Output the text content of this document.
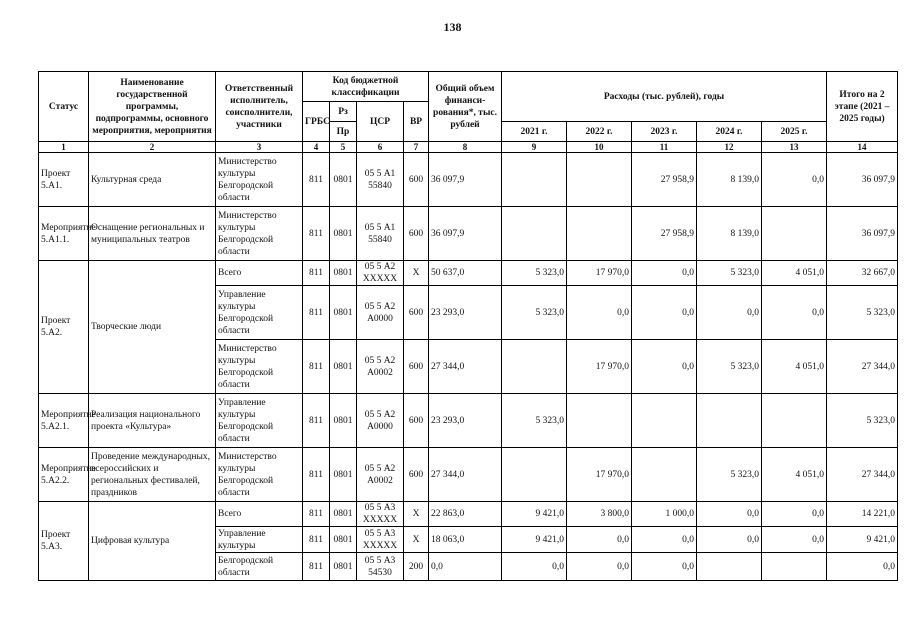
138
Статус	Наименование государственной программы, подпрограммы, основного мероприятия, мероприятия	Ответственный исполнитель, соисполнители, участники	Код бюджетной классификации				Общий объем финанси- рования*, тыс. рублей	Расходы (тыс. рублей), годы					Итого на 2 этапе (2021 – 2025 годы)
			ГРБС	Рз	ЦСР	ВР							
				Пр				2021 г.	2022 г.	2023 г.	2024 г.	2025 г.	
1	2	3	4	5	6	7	8	9	10	11	12	13	14
Проект 5.А1.	Культурная среда	Министерство культуры Белгородской области	811	0801	05 5 А1 55840	600	36 097,9			27 958,9	8 139,0	0,0	36 097,9
Мероприятие 5.А1.1.	Оснащение региональных и муниципальных театров	Министерство культуры Белгородской области	811	0801	05 5 А1 55840	600	36 097,9			27 958,9	8 139,0		36 097,9
Проект 5.А2.	Творческие люди	Всего	811	0801	05 5 А2 XXXXX	X	50 637,0	5 323,0	17 970,0	0,0	5 323,0	4 051,0	32 667,0
		Управление культуры Белгородской области	811	0801	05 5 А2 А0000	600	23 293,0	5 323,0	0,0	0,0	0,0	0,0	5 323,0
		Министерство культуры Белгородской области	811	0801	05 5 А2 А0002	600	27 344,0		17 970,0	0,0	5 323,0	4 051,0	27 344,0
Мероприятие 5.А2.1.	Реализация национального проекта «Культура»	Управление культуры Белгородской области	811	0801	05 5 А2 А0000	600	23 293,0	5 323,0					5 323,0
Мероприятие 5.А2.2.	Проведение международных, всероссийских и региональных фестивалей, праздников	Министерство культуры Белгородской области	811	0801	05 5 А2 А0002	600	27 344,0		17 970,0		5 323,0	4 051,0	27 344,0
Проект 5.А3.	Цифровая культура	Всего	811	0801	05 5 А3 XXXXX	X	22 863,0	9 421,0	3 800,0	1 000,0	0,0	0,0	14 221,0
		Управление культуры	811	0801	05 5 А3 XXXXX	X	18 063,0	9 421,0	0,0	0,0	0,0	0,0	9 421,0
		Белгородской области	811	0801	05 5 А3 54530	200	0,0	0,0	0,0	0,0			0,0
